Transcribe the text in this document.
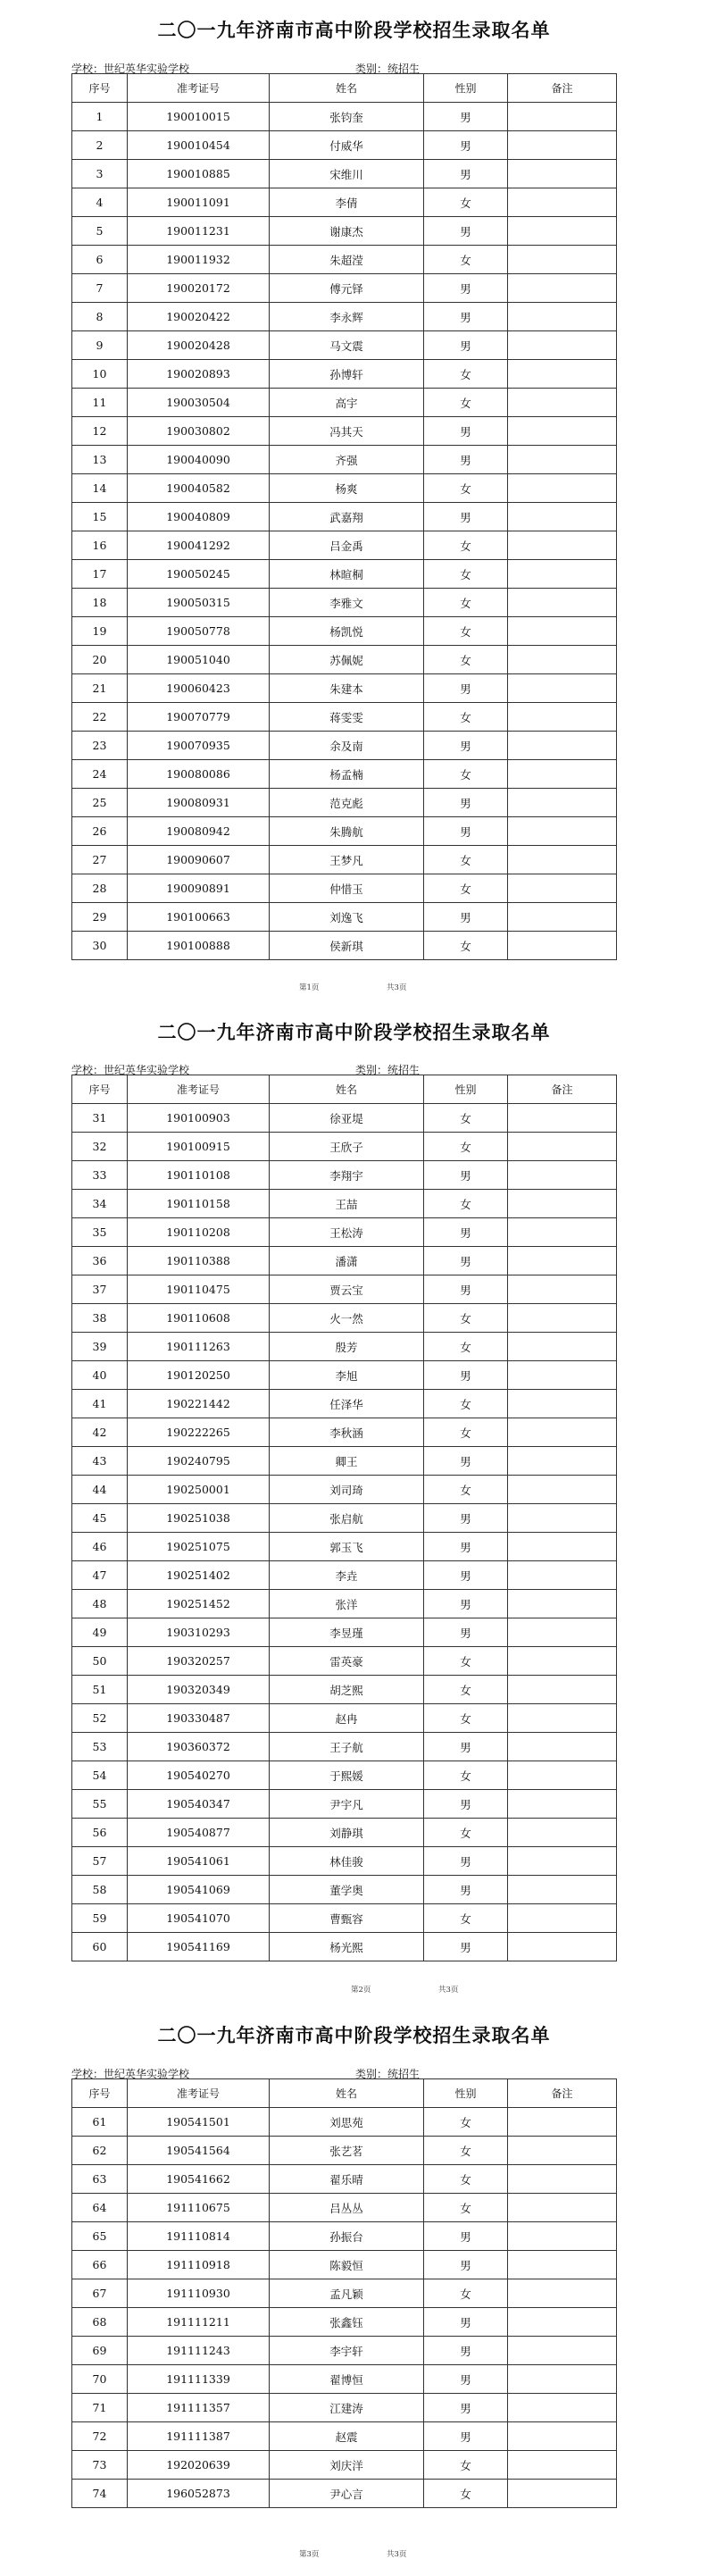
二〇一九年济南市高中阶段学校招生录取名单
学校：世纪英华实验学校	类别：统招生
序号	准考证号	姓名	性别	备注
1	190010015	张钧奎	男	
2	190010454	付威华	男	
3	190010885	宋维川	男	
4	190011091	李倩	女	
5	190011231	谢康杰	男	
6	190011932	朱超滢	女	
7	190020172	傅元铎	男	
8	190020422	李永辉	男	
9	190020428	马文震	男	
10	190020893	孙博轩	女	
11	190030504	高宇	女	
12	190030802	冯其天	男	
13	190040090	齐强	男	
14	190040582	杨爽	女	
15	190040809	武嘉翔	男	
16	190041292	吕金禹	女	
17	190050245	林暄桐	女	
18	190050315	李雅文	女	
19	190050778	杨凯悦	女	
20	190051040	苏佩妮	女	
21	190060423	朱建本	男	
22	190070779	蒋雯雯	女	
23	190070935	余及南	男	
24	190080086	杨孟楠	女	
25	190080931	范克彪	男	
26	190080942	朱腾航	男	
27	190090607	王梦凡	女	
28	190090891	仲惜玉	女	
29	190100663	刘逸飞	男	
30	190100888	侯新琪	女	
第1页	共3页
二〇一九年济南市高中阶段学校招生录取名单
学校：世纪英华实验学校	类别：统招生
序号	准考证号	姓名	性别	备注
31	190100903	徐亚堤	女	
32	190100915	王欣子	女	
33	190110108	李翔宇	男	
34	190110158	王喆	女	
35	190110208	王松涛	男	
36	190110388	潘潇	男	
37	190110475	贾云宝	男	
38	190110608	火一然	女	
39	190111263	殷芳	女	
40	190120250	李旭	男	
41	190221442	任泽华	女	
42	190222265	李秋涵	女	
43	190240795	卿王	男	
44	190250001	刘司琦	女	
45	190251038	张启航	男	
46	190251075	郭玉飞	男	
47	190251402	李垚	男	
48	190251452	张洋	男	
49	190310293	李昱瑾	男	
50	190320257	雷英豪	女	
51	190320349	胡芝熙	女	
52	190330487	赵冉	女	
53	190360372	王子航	男	
54	190540270	于熙媛	女	
55	190540347	尹宇凡	男	
56	190540877	刘静琪	女	
57	190541061	林佳骏	男	
58	190541069	董学奥	男	
59	190541070	曹甄容	女	
60	190541169	杨光熙	男	
第2页	共3页
二〇一九年济南市高中阶段学校招生录取名单
学校：世纪英华实验学校	类别：统招生
序号	准考证号	姓名	性别	备注
61	190541501	刘思苑	女	
62	190541564	张艺茗	女	
63	190541662	翟乐晴	女	
64	191110675	吕丛丛	女	
65	191110814	孙振台	男	
66	191110918	陈毅恒	男	
67	191110930	孟凡颖	女	
68	191111211	张鑫钰	男	
69	191111243	李宇轩	男	
70	191111339	翟博恒	男	
71	191111357	江建涛	男	
72	191111387	赵震	男	
73	192020639	刘庆洋	女	
74	196052873	尹心言	女	
第3页	共3页
